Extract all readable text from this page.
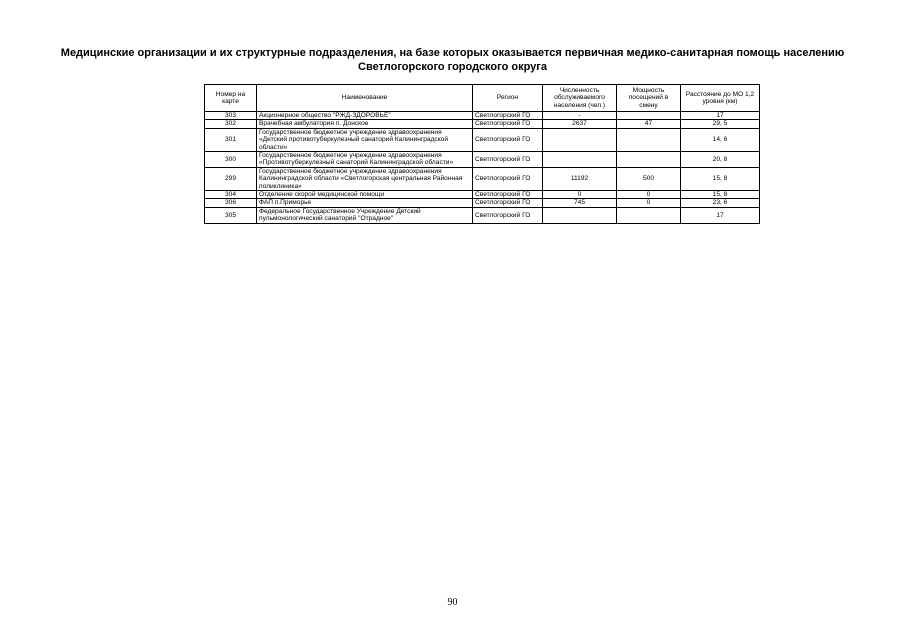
Медицинские организации и их структурные подразделения, на базе которых оказывается первичная медико-санитарная помощь населению
Светлогорского городского округа
Номер на карте	Наименование	Регион	Численность обслуживаемого населения (чел.)	Мощность посещений в смену	Расстояние до МО 1,2 уровня (км)
303	Акционерное общество "РЖД-ЗДОРОВЬЕ"	Светлогорский ГО	-		17
302	Врачебная амбулатория п. Донское	Светлогорский ГО	2637	47	29, 5
301	Государственное бюджетное учреждение здравоохранения «Детский противотуберкулезный санаторий Калининградской области»	Светлогорский ГО			14, 6
300	Государственное бюджетное учреждение здравоохранения «Противотуберкулезный санаторий Калининградской области»	Светлогорский ГО			20, 8
299	Государственное бюджетное учреждение здравоохранения Калининградской области «Светлогорская центральная Районная поликлиника»	Светлогорский ГО	11192	500	15, 8
304	Отделение скорой медицинской помощи	Светлогорский ГО	0	0	15, 8
306	ФАП п.Приморье	Светлогорский ГО	745	0	23, 6
305	Федеральное Государственное Учреждение Детский пульмонологический санаторий "Отрадное"	Светлогорский ГО			17
90
